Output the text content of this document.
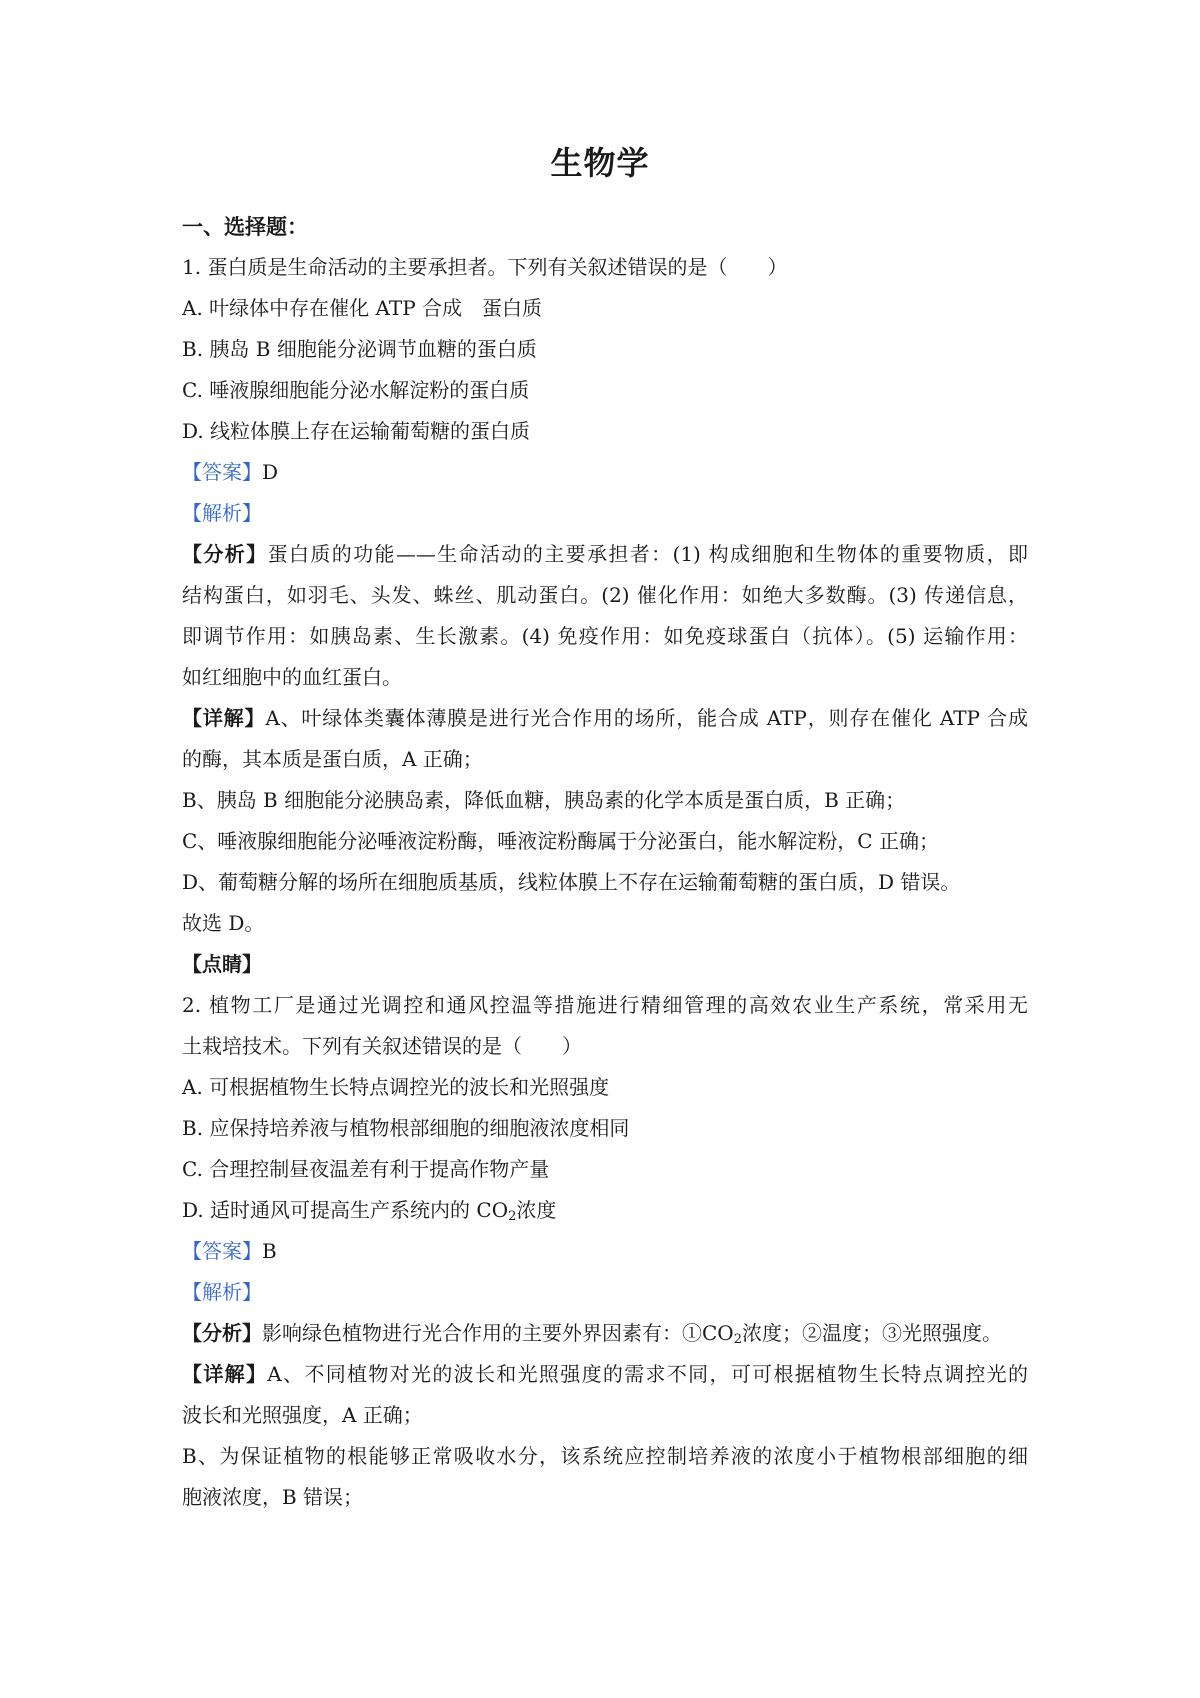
生物学
一、选择题：
1. 蛋白质是生命活动的主要承担者。下列有关叙述错误的是（　　）
A. 叶绿体中存在催化 ATP 合成　蛋白质
B. 胰岛 B 细胞能分泌调节血糖的蛋白质
C. 唾液腺细胞能分泌水解淀粉的蛋白质
D. 线粒体膜上存在运输葡萄糖的蛋白质
【答案】D
【解析】
【分析】蛋白质的功能——生命活动的主要承担者：(1) 构成细胞和生物体的重要物质，即
结构蛋白，如羽毛、头发、蛛丝、肌动蛋白。(2) 催化作用：如绝大多数酶。(3) 传递信息，
即调节作用：如胰岛素、生长激素。(4) 免疫作用：如免疫球蛋白（抗体）。(5) 运输作用：
如红细胞中的血红蛋白。
【详解】A、叶绿体类囊体薄膜是进行光合作用的场所，能合成 ATP，则存在催化 ATP 合成
的酶，其本质是蛋白质，A 正确；
B、胰岛 B 细胞能分泌胰岛素，降低血糖，胰岛素的化学本质是蛋白质，B 正确；
C、唾液腺细胞能分泌唾液淀粉酶，唾液淀粉酶属于分泌蛋白，能水解淀粉，C 正确；
D、葡萄糖分解的场所在细胞质基质，线粒体膜上不存在运输葡萄糖的蛋白质，D 错误。
故选 D。
【点睛】
2. 植物工厂是通过光调控和通风控温等措施进行精细管理的高效农业生产系统，常采用无
土栽培技术。下列有关叙述错误的是（　　）
A. 可根据植物生长特点调控光的波长和光照强度
B. 应保持培养液与植物根部细胞的细胞液浓度相同
C. 合理控制昼夜温差有利于提高作物产量
D. 适时通风可提高生产系统内的 $CO_2$浓度
【答案】B
【解析】
【分析】影响绿色植物进行光合作用的主要外界因素有：$①CO_2$浓度；②温度；③光照强度。
【详解】A、不同植物对光的波长和光照强度的需求不同，可可根据植物生长特点调控光的
波长和光照强度，A 正确；
B、为保证植物的根能够正常吸收水分，该系统应控制培养液的浓度小于植物根部细胞的细
胞液浓度，B 错误；
